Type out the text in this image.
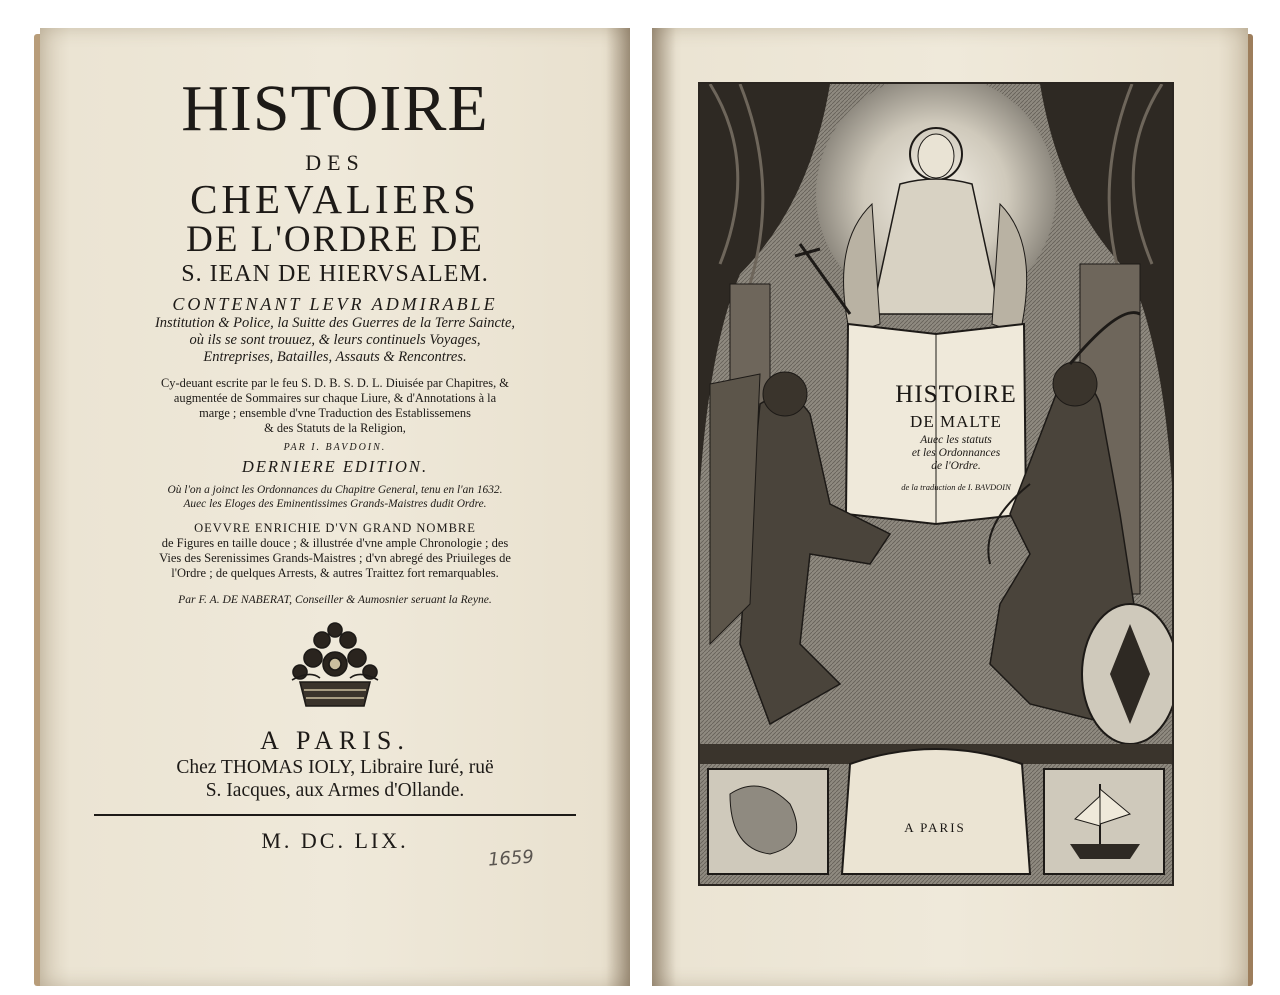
HISTOIRE
DES
CHEVALIERS
DE L'ORDRE DE
S. IEAN DE HIERVSALEM.
CONTENANT LEVR ADMIRABLE
Institution & Police, la Suitte des Guerres de la Terre Saincte,
où ils se sont trouuez, & leurs continuels Voyages,
Entreprises, Batailles, Assauts & Rencontres.
Cy-deuant escrite par le feu S. D. B. S. D. L. Diuisée par Chapitres, &
augmentée de Sommaires sur chaque Liure, & d'Annotations à la
marge ; ensemble d'vne Traduction des Establissemens
& des Statuts de la Religion,
PAR I. BAVDOIN.
DERNIERE EDITION.
Où l'on a joinct les Ordonnances du Chapitre General, tenu en l'an 1632.
Auec les Eloges des Eminentissimes Grands-Maistres dudit Ordre.
OEVVRE ENRICHIE D'VN GRAND NOMBRE
de Figures en taille douce ; & illustrée d'vne ample Chronologie ; des
Vies des Serenissimes Grands-Maistres ; d'vn abregé des Priuileges de
l'Ordre ; de quelques Arrests, & autres Traittez fort remarquables.
Par F. A. DE NABERAT, Conseiller & Aumosnier seruant la Reyne.
A PARIS.
Chez THOMAS IOLY, Libraire Iuré, ruë
S. Iacques, aux Armes d'Ollande.
M. DC. LIX.
1659
HISTOIRE
DE MALTE
Auec les statuts
et les Ordonnances
de l'Ordre.
de la traduction de I. BAVDOIN
A PARIS
